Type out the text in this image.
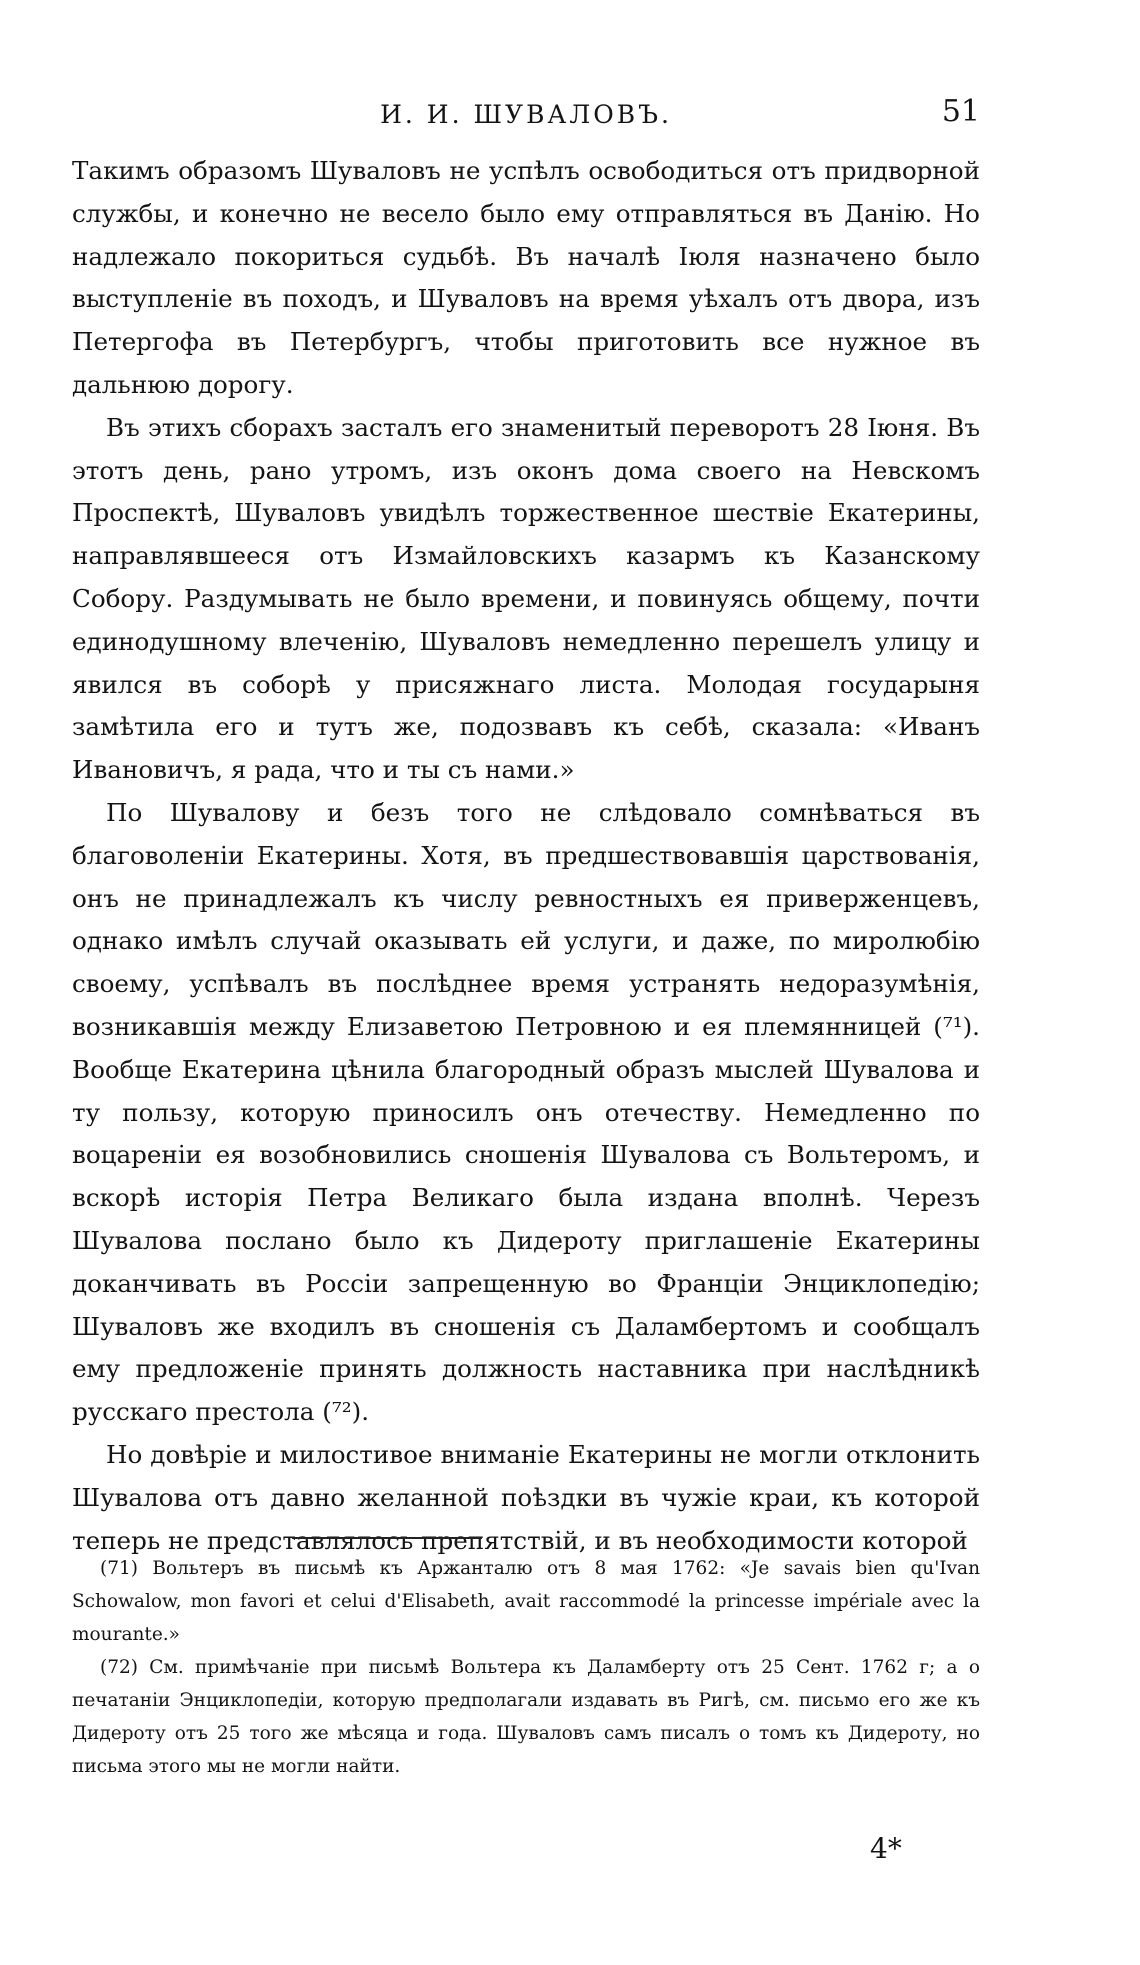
И. И. ШУВАЛОВЪ.	51

Такимъ образомъ Шуваловъ не успѣлъ освободиться отъ придворной службы, и конечно не весело было ему отправляться въ Данію. Но надлежало покориться судьбѣ. Въ началѣ Іюля назначено было выступленіе въ походъ, и Шуваловъ на время уѣхалъ отъ двора, изъ Петергофа въ Петербургъ, чтобы приготовить все нужное въ дальнюю дорогу.

Въ этихъ сборахъ засталъ его знаменитый переворотъ 28 Іюня. Въ этотъ день, рано утромъ, изъ оконъ дома своего на Невскомъ Проспектѣ, Шуваловъ увидѣлъ торжественное шествіе Екатерины, направлявшееся отъ Измайловскихъ казармъ къ Казанскому Собору. Раздумывать не было времени, и повинуясь общему, почти единодушному влеченію, Шуваловъ немедленно перешелъ улицу и явился въ соборѣ у присяжнаго листа. Молодая государыня замѣтила его и тутъ же, подозвавъ къ себѣ, сказала: «Иванъ Ивановичъ, я рада, что и ты съ нами.»

По Шувалову и безъ того не слѣдовало сомнѣваться въ благоволеніи Екатерины. Хотя, въ предшествовавшія царствованія, онъ не принадлежалъ къ числу ревностныхъ ея приверженцевъ, однако имѣлъ случай оказывать ей услуги, и даже, по миролюбію своему, успѣвалъ въ послѣднее время устранять недоразумѣнія, возникавшія между Елизаветою Петровною и ея племянницей (⁷¹). Вообще Екатерина цѣнила благородный образъ мыслей Шувалова и ту пользу, которую приносилъ онъ отечеству. Немедленно по воцареніи ея возобновились сношенія Шувалова съ Вольтеромъ, и вскорѣ исторія Петра Великаго была издана вполнѣ. Черезъ Шувалова послано было къ Дидероту приглашеніе Екатерины доканчивать въ Россіи запрещенную во Франціи Энциклопедію; Шуваловъ же входилъ въ сношенія съ Даламбертомъ и сообщалъ ему предложеніе принять должность наставника при наслѣдникѣ русскаго престола (⁷²).

Но довѣріе и милостивое вниманіе Екатерины не могли отклонить Шувалова отъ давно желанной поѣздки въ чужіе краи, къ которой теперь не представлялось препятствій, и въ необходимости которой

(71) Вольтеръ въ письмѣ къ Аржанталю отъ 8 мая 1762: «Je savais bien qu'Ivan Schowalow, mon favori et celui d'Elisabeth, avait raccommodé la princesse impériale avec la mourante.»

(72) См. примѣчаніе при письмѣ Вольтера къ Даламберту отъ 25 Сент. 1762 г; а о печатаніи Энциклопедіи, которую предполагали издавать въ Ригѣ, см. письмо его же къ Дидероту отъ 25 того же мѣсяца и года. Шуваловъ самъ писалъ о томъ къ Дидероту, но письма этого мы не могли найти.

4*
